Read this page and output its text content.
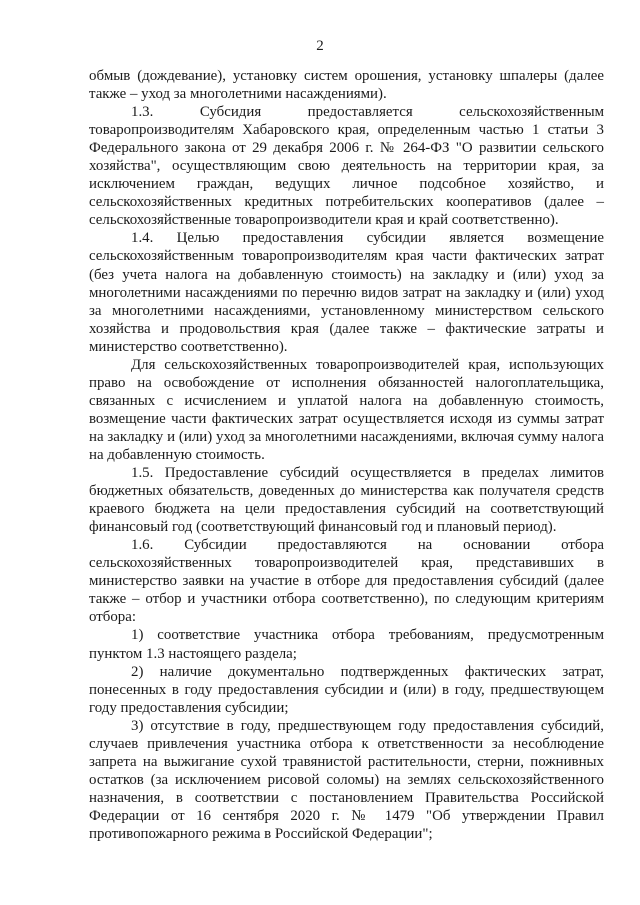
2

обмыв (дождевание), установку систем орошения, установку шпалеры (далее также – уход за многолетними насаждениями).

1.3. Субсидия предоставляется сельскохозяйственным товаропроизводителям Хабаровского края, определенным частью 1 статьи 3 Федерального закона от 29 декабря 2006 г. № 264-ФЗ "О развитии сельского хозяйства", осуществляющим свою деятельность на территории края, за исключением граждан, ведущих личное подсобное хозяйство, и сельскохозяйственных кредитных потребительских кооперативов (далее – сельскохозяйственные товаропроизводители края и край соответственно).

1.4. Целью предоставления субсидии является возмещение сельскохозяйственным товаропроизводителям края части фактических затрат (без учета налога на добавленную стоимость) на закладку и (или) уход за многолетними насаждениями по перечню видов затрат на закладку и (или) уход за многолетними насаждениями, установленному министерством сельского хозяйства и продовольствия края (далее также – фактические затраты и министерство соответственно).

Для сельскохозяйственных товаропроизводителей края, использующих право на освобождение от исполнения обязанностей налогоплательщика, связанных с исчислением и уплатой налога на добавленную стоимость, возмещение части фактических затрат осуществляется исходя из суммы затрат на закладку и (или) уход за многолетними насаждениями, включая сумму налога на добавленную стоимость.

1.5. Предоставление субсидий осуществляется в пределах лимитов бюджетных обязательств, доведенных до министерства как получателя средств краевого бюджета на цели предоставления субсидий на соответствующий финансовый год (соответствующий финансовый год и плановый период).

1.6. Субсидии предоставляются на основании отбора сельскохозяйственных товаропроизводителей края, представивших в министерство заявки на участие в отборе для предоставления субсидий (далее также – отбор и участники отбора соответственно), по следующим критериям отбора:

1) соответствие участника отбора требованиям, предусмотренным пунктом 1.3 настоящего раздела;

2) наличие документально подтвержденных фактических затрат, понесенных в году предоставления субсидии и (или) в году, предшествующем году предоставления субсидии;

3) отсутствие в году, предшествующем году предоставления субсидий, случаев привлечения участника отбора к ответственности за несоблюдение запрета на выжигание сухой травянистой растительности, стерни, пожнивных остатков (за исключением рисовой соломы) на землях сельскохозяйственного назначения, в соответствии с постановлением Правительства Российской Федерации от 16 сентября 2020 г. № 1479 "Об утверждении Правил противопожарного режима в Российской Федерации";
